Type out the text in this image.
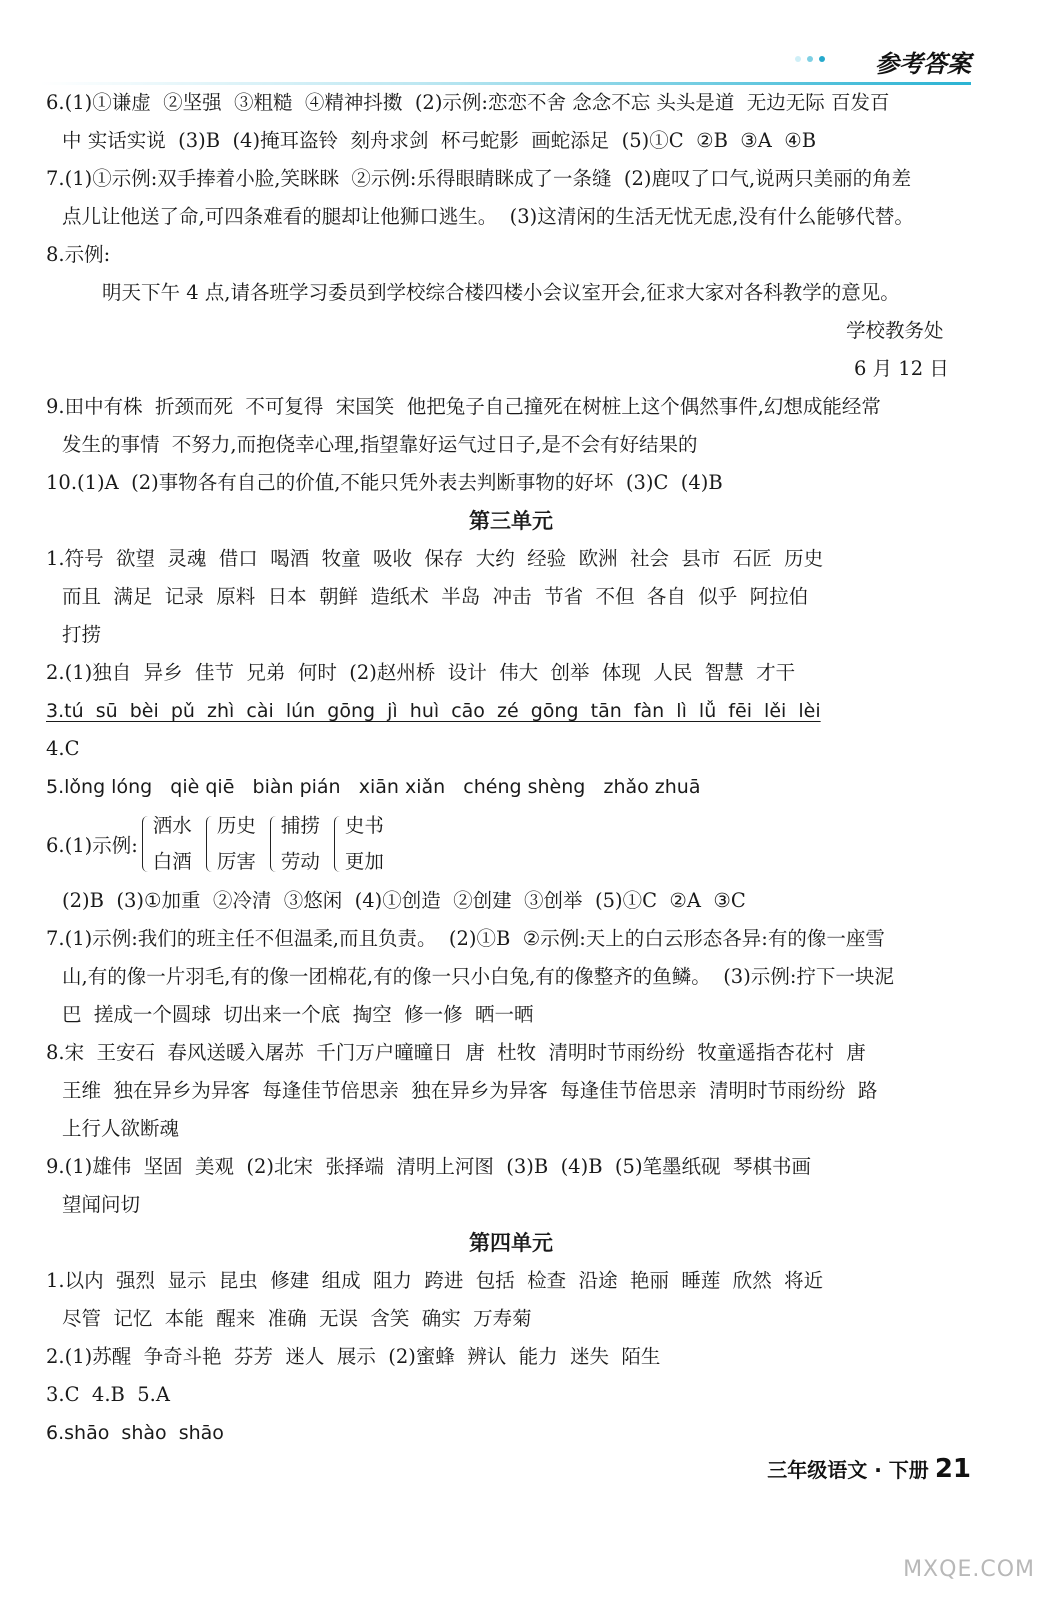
参考答案
6.(1)①谦虚  ②坚强  ③粗糙  ④精神抖擞  (2)示例:恋恋不舍 念念不忘 头头是道  无边无际 百发百
中 实话实说  (3)B  (4)掩耳盗铃  刻舟求剑  杯弓蛇影  画蛇添足  (5)①C  ②B  ③A  ④B
7.(1)①示例:双手捧着小脸,笑眯眯  ②示例:乐得眼睛眯成了一条缝  (2)鹿叹了口气,说两只美丽的角差
点儿让他送了命,可四条难看的腿却让他狮口逃生。  (3)这清闲的生活无忧无虑,没有什么能够代替。
8.示例:
明天下午 4 点,请各班学习委员到学校综合楼四楼小会议室开会,征求大家对各科教学的意见。
学校教务处
6 月 12 日
9.田中有株  折颈而死  不可复得  宋国笑  他把兔子自己撞死在树桩上这个偶然事件,幻想成能经常
发生的事情  不努力,而抱侥幸心理,指望靠好运气过日子,是不会有好结果的
10.(1)A  (2)事物各有自己的价值,不能只凭外表去判断事物的好坏  (3)C  (4)B
第三单元
1.符号  欲望  灵魂  借口  喝酒  牧童  吸收  保存  大约  经验  欧洲  社会  县市  石匠  历史
而且  满足  记录  原料  日本  朝鲜  造纸术  半岛  冲击  节省  不但  各自  似乎  阿拉伯
打捞
2.(1)独自  异乡  佳节  兄弟  何时  (2)赵州桥  设计  伟大  创举  体现  人民  智慧  才干
3.tú  sū  bèi  pǔ  zhì  cài  lún  gōng  jì  huì  cāo  zé  gōng  tān  fàn  lì  lǚ  fēi  lěi  lèi
4.C
5.lǒng lóng   qiè qiē   biàn pián   xiān xiǎn   chéng shèng   zhǎo zhuā
6.(1)示例:
洒水
白酒
历史
厉害
捕捞
劳动
史书
更加
(2)B  (3)①加重  ②冷清  ③悠闲  (4)①创造  ②创建  ③创举  (5)①C  ②A  ③C
7.(1)示例:我们的班主任不但温柔,而且负责。  (2)①B  ②示例:天上的白云形态各异:有的像一座雪
山,有的像一片羽毛,有的像一团棉花,有的像一只小白兔,有的像整齐的鱼鳞。  (3)示例:拧下一块泥
巴  搓成一个圆球  切出来一个底  掏空  修一修  晒一晒
8.宋  王安石  春风送暖入屠苏  千门万户曈曈日  唐  杜牧  清明时节雨纷纷  牧童遥指杏花村  唐
王维  独在异乡为异客  每逢佳节倍思亲  独在异乡为异客  每逢佳节倍思亲  清明时节雨纷纷  路
上行人欲断魂
9.(1)雄伟  坚固  美观  (2)北宋  张择端  清明上河图  (3)B  (4)B  (5)笔墨纸砚  琴棋书画
望闻问切
第四单元
1.以内  强烈  显示  昆虫  修建  组成  阻力  跨进  包括  检查  沿途  艳丽  睡莲  欣然  将近
尽管  记忆  本能  醒来  准确  无误  含笑  确实  万寿菊
2.(1)苏醒  争奇斗艳  芬芳  迷人  展示  (2)蜜蜂  辨认  能力  迷失  陌生
3.C  4.B  5.A
6.shāo  shào  shāo
三年级语文 · 下册 21
MXQE.COM
